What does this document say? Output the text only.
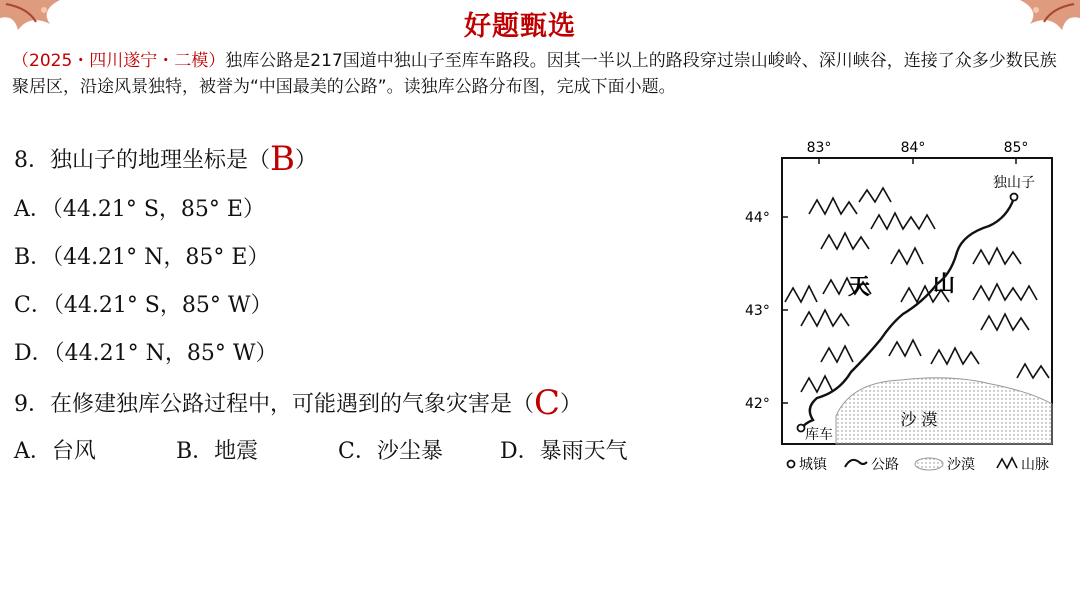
好题甄选
（2025・四川遂宁・二模）独库公路是217国道中独山子至库车路段。因其一半以上的路段穿过崇山峻岭、深川峡谷，连接了众多少数民族聚居区，沿途风景独特，被誉为“中国最美的公路”。读独库公路分布图，完成下面小题。
8．独山子的地理坐标是（B）
A．（44.21° S，85° E）
B．（44.21° N，85° E）
C．（44.21° S，85° W）
D．（44.21° N，85° W）
9．在修建独库公路过程中，可能遇到的气象灾害是（C）
A．台风	B．地震	C．沙尘暴	D．暴雨天气
83°	84°	85°
44°
43°
42°
沙 漠
天	山
独山子
库车
城镇	公路	沙漠	山脉
